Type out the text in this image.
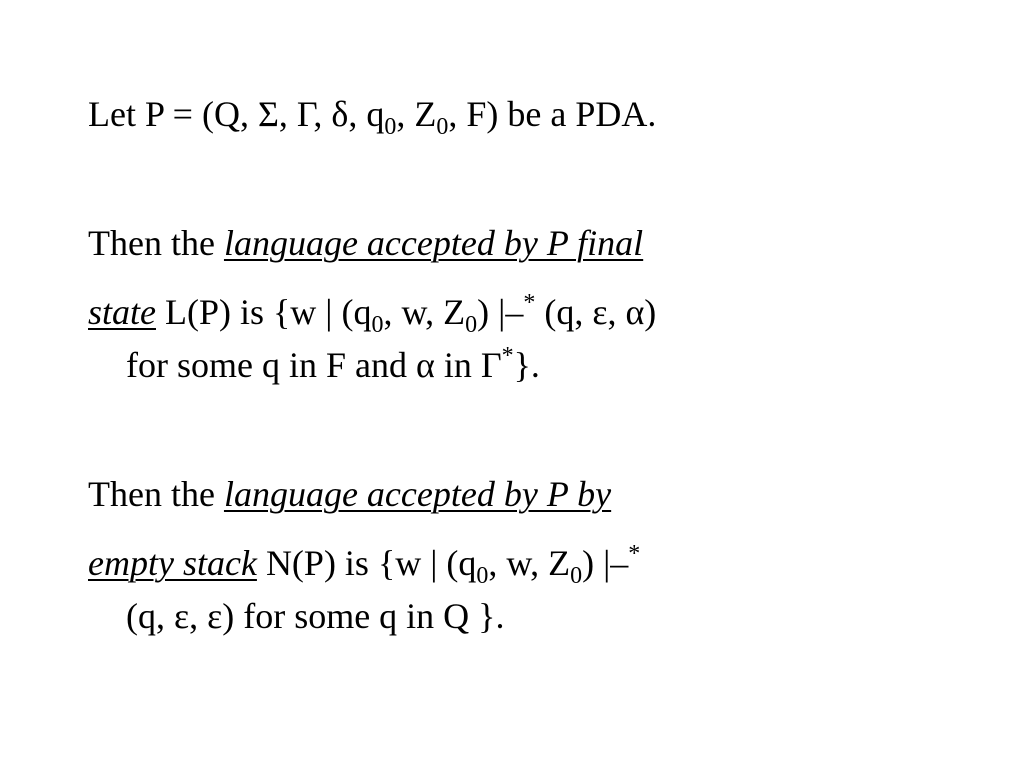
Let P = (Q, Σ, Γ, δ, $q_0$, $Z_0$, F) be a PDA.
Then the language accepted by P final
state L(P) is {w | ($q_0$, w, $Z_0$) |–* (q, ε, α)
for some q in F and α in Γ*}.
Then the language accepted by P by
empty stack N(P) is {w | ($q_0$, w, $Z_0$) |–*
(q, ε, ε) for some q in Q }.
